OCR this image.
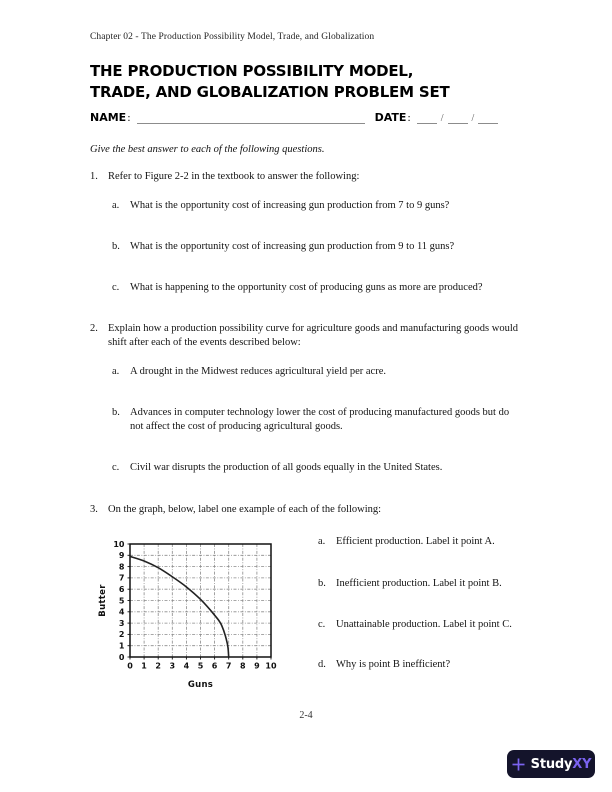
Chapter 02 - The Production Possibility Model, Trade, and Globalization
THE PRODUCTION POSSIBILITY MODEL,
TRADE, AND GLOBALIZATION PROBLEM SET
NAME :	DATE :	/	/
Give the best answer to each of the following questions.
1. Refer to Figure 2-2 in the textbook to answer the following:
a.	What is the opportunity cost of increasing gun production from 7 to 9 guns?
b. What is the opportunity cost of increasing gun production from 9 to 11 guns?
c.	What is happening to the opportunity cost of producing guns as more are produced?
2. Explain how a production possibility curve for agriculture goods and manufacturing goods would shift after each of the events described below:
a.	A drought in the Midwest reduces agricultural yield per acre.
b. Advances in computer technology lower the cost of producing manufactured goods but do not affect the cost of producing agricultural goods.
c.	Civil war disrupts the production of all goods equally in the United States.
3. On the graph, below, label one example of each of the following:
0 1 2 3 4 5 6 7 8 9 10
0
1
2
3
4
5
6
7
8
9
10
Guns
Butter
a.	Efficient production. Label it point A.
b. Inefficient production. Label it point B.
c.	Unattainable production. Label it point C.
d. Why is point B inefficient?
2-4
Study XY
